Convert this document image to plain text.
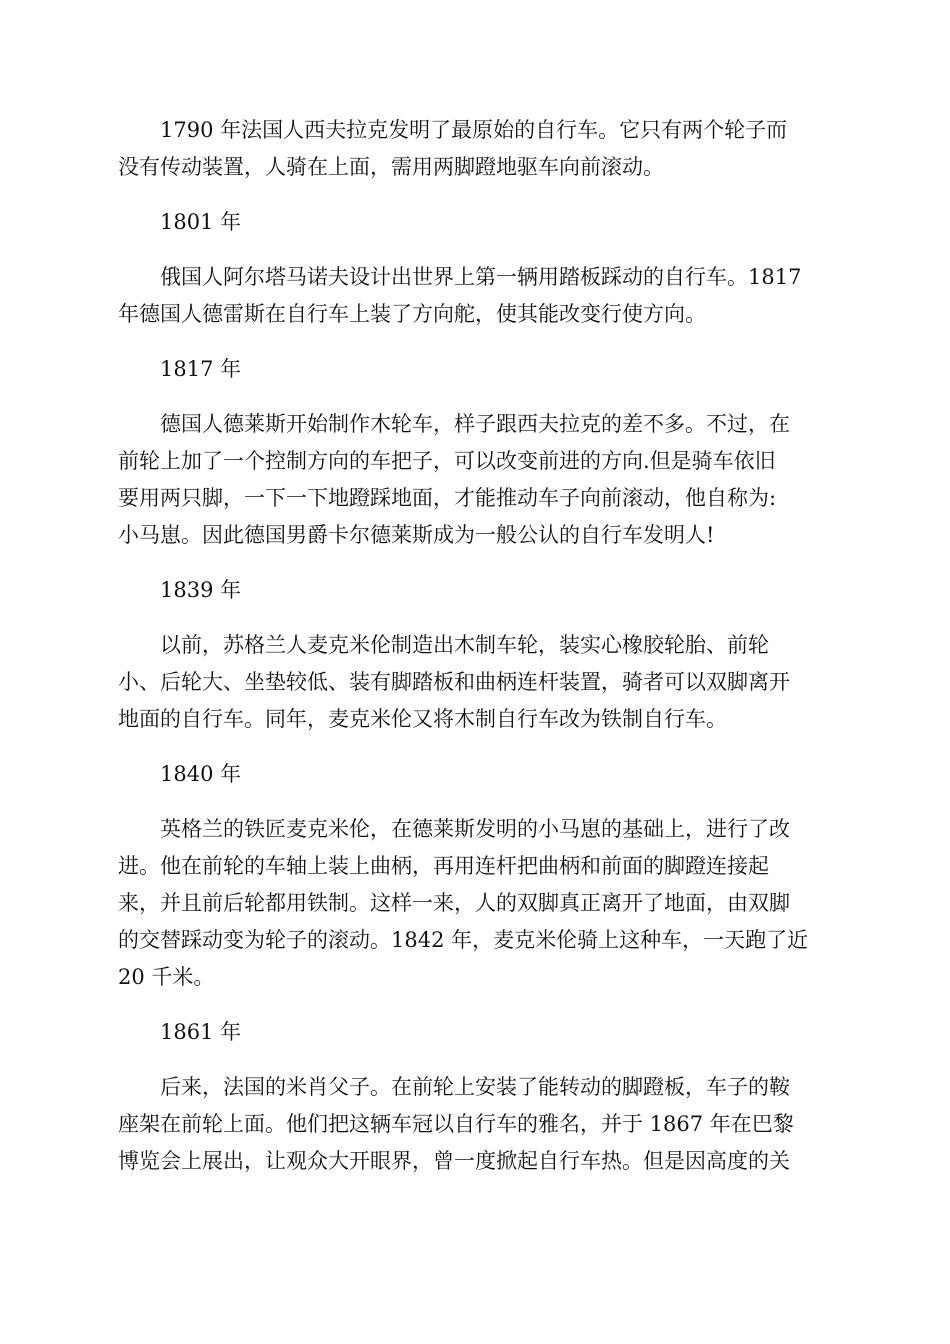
1790 年法国人西夫拉克发明了最原始的自行车。它只有两个轮子而
没有传动装置，人骑在上面，需用两脚蹬地驱车向前滚动。
1801 年
俄国人阿尔塔马诺夫设计出世界上第一辆用踏板踩动的自行车。1817
年德国人德雷斯在自行车上装了方向舵，使其能改变行使方向。
1817 年
德国人德莱斯开始制作木轮车，样子跟西夫拉克的差不多。不过，在
前轮上加了一个控制方向的车把子，可以改变前进的方向.但是骑车依旧
要用两只脚，一下一下地蹬踩地面，才能推动车子向前滚动，他自称为:
小马崽。因此德国男爵卡尔德莱斯成为一般公认的自行车发明人!
1839 年
以前，苏格兰人麦克米伦制造出木制车轮，装实心橡胶轮胎、前轮
小、后轮大、坐垫较低、装有脚踏板和曲柄连杆装置，骑者可以双脚离开
地面的自行车。同年，麦克米伦又将木制自行车改为铁制自行车。
1840 年
英格兰的铁匠麦克米伦，在德莱斯发明的小马崽的基础上，进行了改
进。他在前轮的车轴上装上曲柄，再用连杆把曲柄和前面的脚蹬连接起
来，并且前后轮都用铁制。这样一来，人的双脚真正离开了地面，由双脚
的交替踩动变为轮子的滚动。1842 年，麦克米伦骑上这种车，一天跑了近
20 千米。
1861 年
后来，法国的米肖父子。在前轮上安装了能转动的脚蹬板，车子的鞍
座架在前轮上面。他们把这辆车冠以自行车的雅名，并于 1867 年在巴黎
博览会上展出，让观众大开眼界，曾一度掀起自行车热。但是因高度的关
